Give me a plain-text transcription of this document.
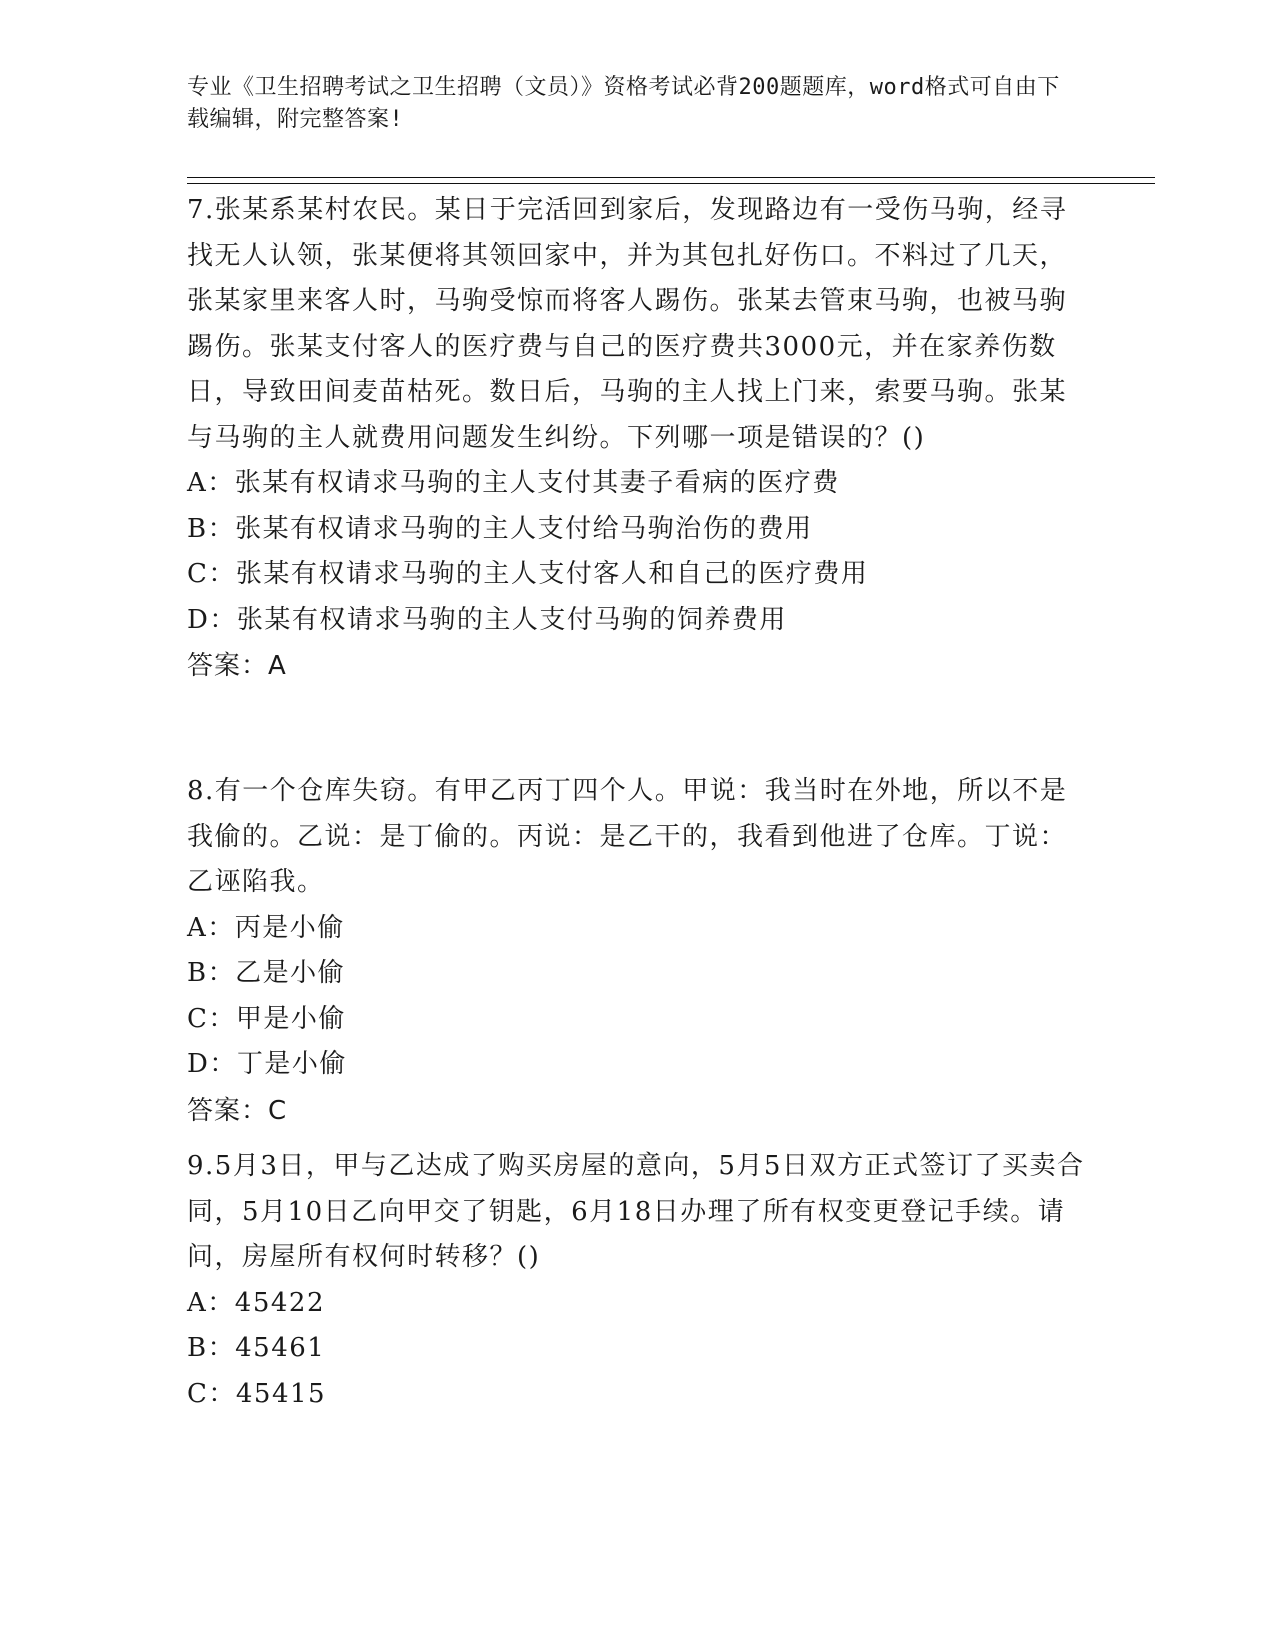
专业《卫生招聘考试之卫生招聘（文员）》资格考试必背200题题库，word格式可自由下载编辑，附完整答案!

7.张某系某村农民。某日于完活回到家后，发现路边有一受伤马驹，经寻找无人认领，张某便将其领回家中，并为其包扎好伤口。不料过了几天，张某家里来客人时，马驹受惊而将客人踢伤。张某去管束马驹，也被马驹踢伤。张某支付客人的医疗费与自己的医疗费共3000元，并在家养伤数日，导致田间麦苗枯死。数日后，马驹的主人找上门来，索要马驹。张某与马驹的主人就费用问题发生纠纷。下列哪一项是错误的？()

A：张某有权请求马驹的主人支付其妻子看病的医疗费

B：张某有权请求马驹的主人支付给马驹治伤的费用

C：张某有权请求马驹的主人支付客人和自己的医疗费用

D：张某有权请求马驹的主人支付马驹的饲养费用

答案：A

8.有一个仓库失窃。有甲乙丙丁四个人。甲说：我当时在外地，所以不是我偷的。乙说：是丁偷的。丙说：是乙干的，我看到他进了仓库。丁说：乙诬陷我。

A：丙是小偷

B：乙是小偷

C：甲是小偷

D：丁是小偷

答案：C

9.5月3日，甲与乙达成了购买房屋的意向，5月5日双方正式签订了买卖合同，5月10日乙向甲交了钥匙，6月18日办理了所有权变更登记手续。请问，房屋所有权何时转移？()

A：45422

B：45461

C：45415
